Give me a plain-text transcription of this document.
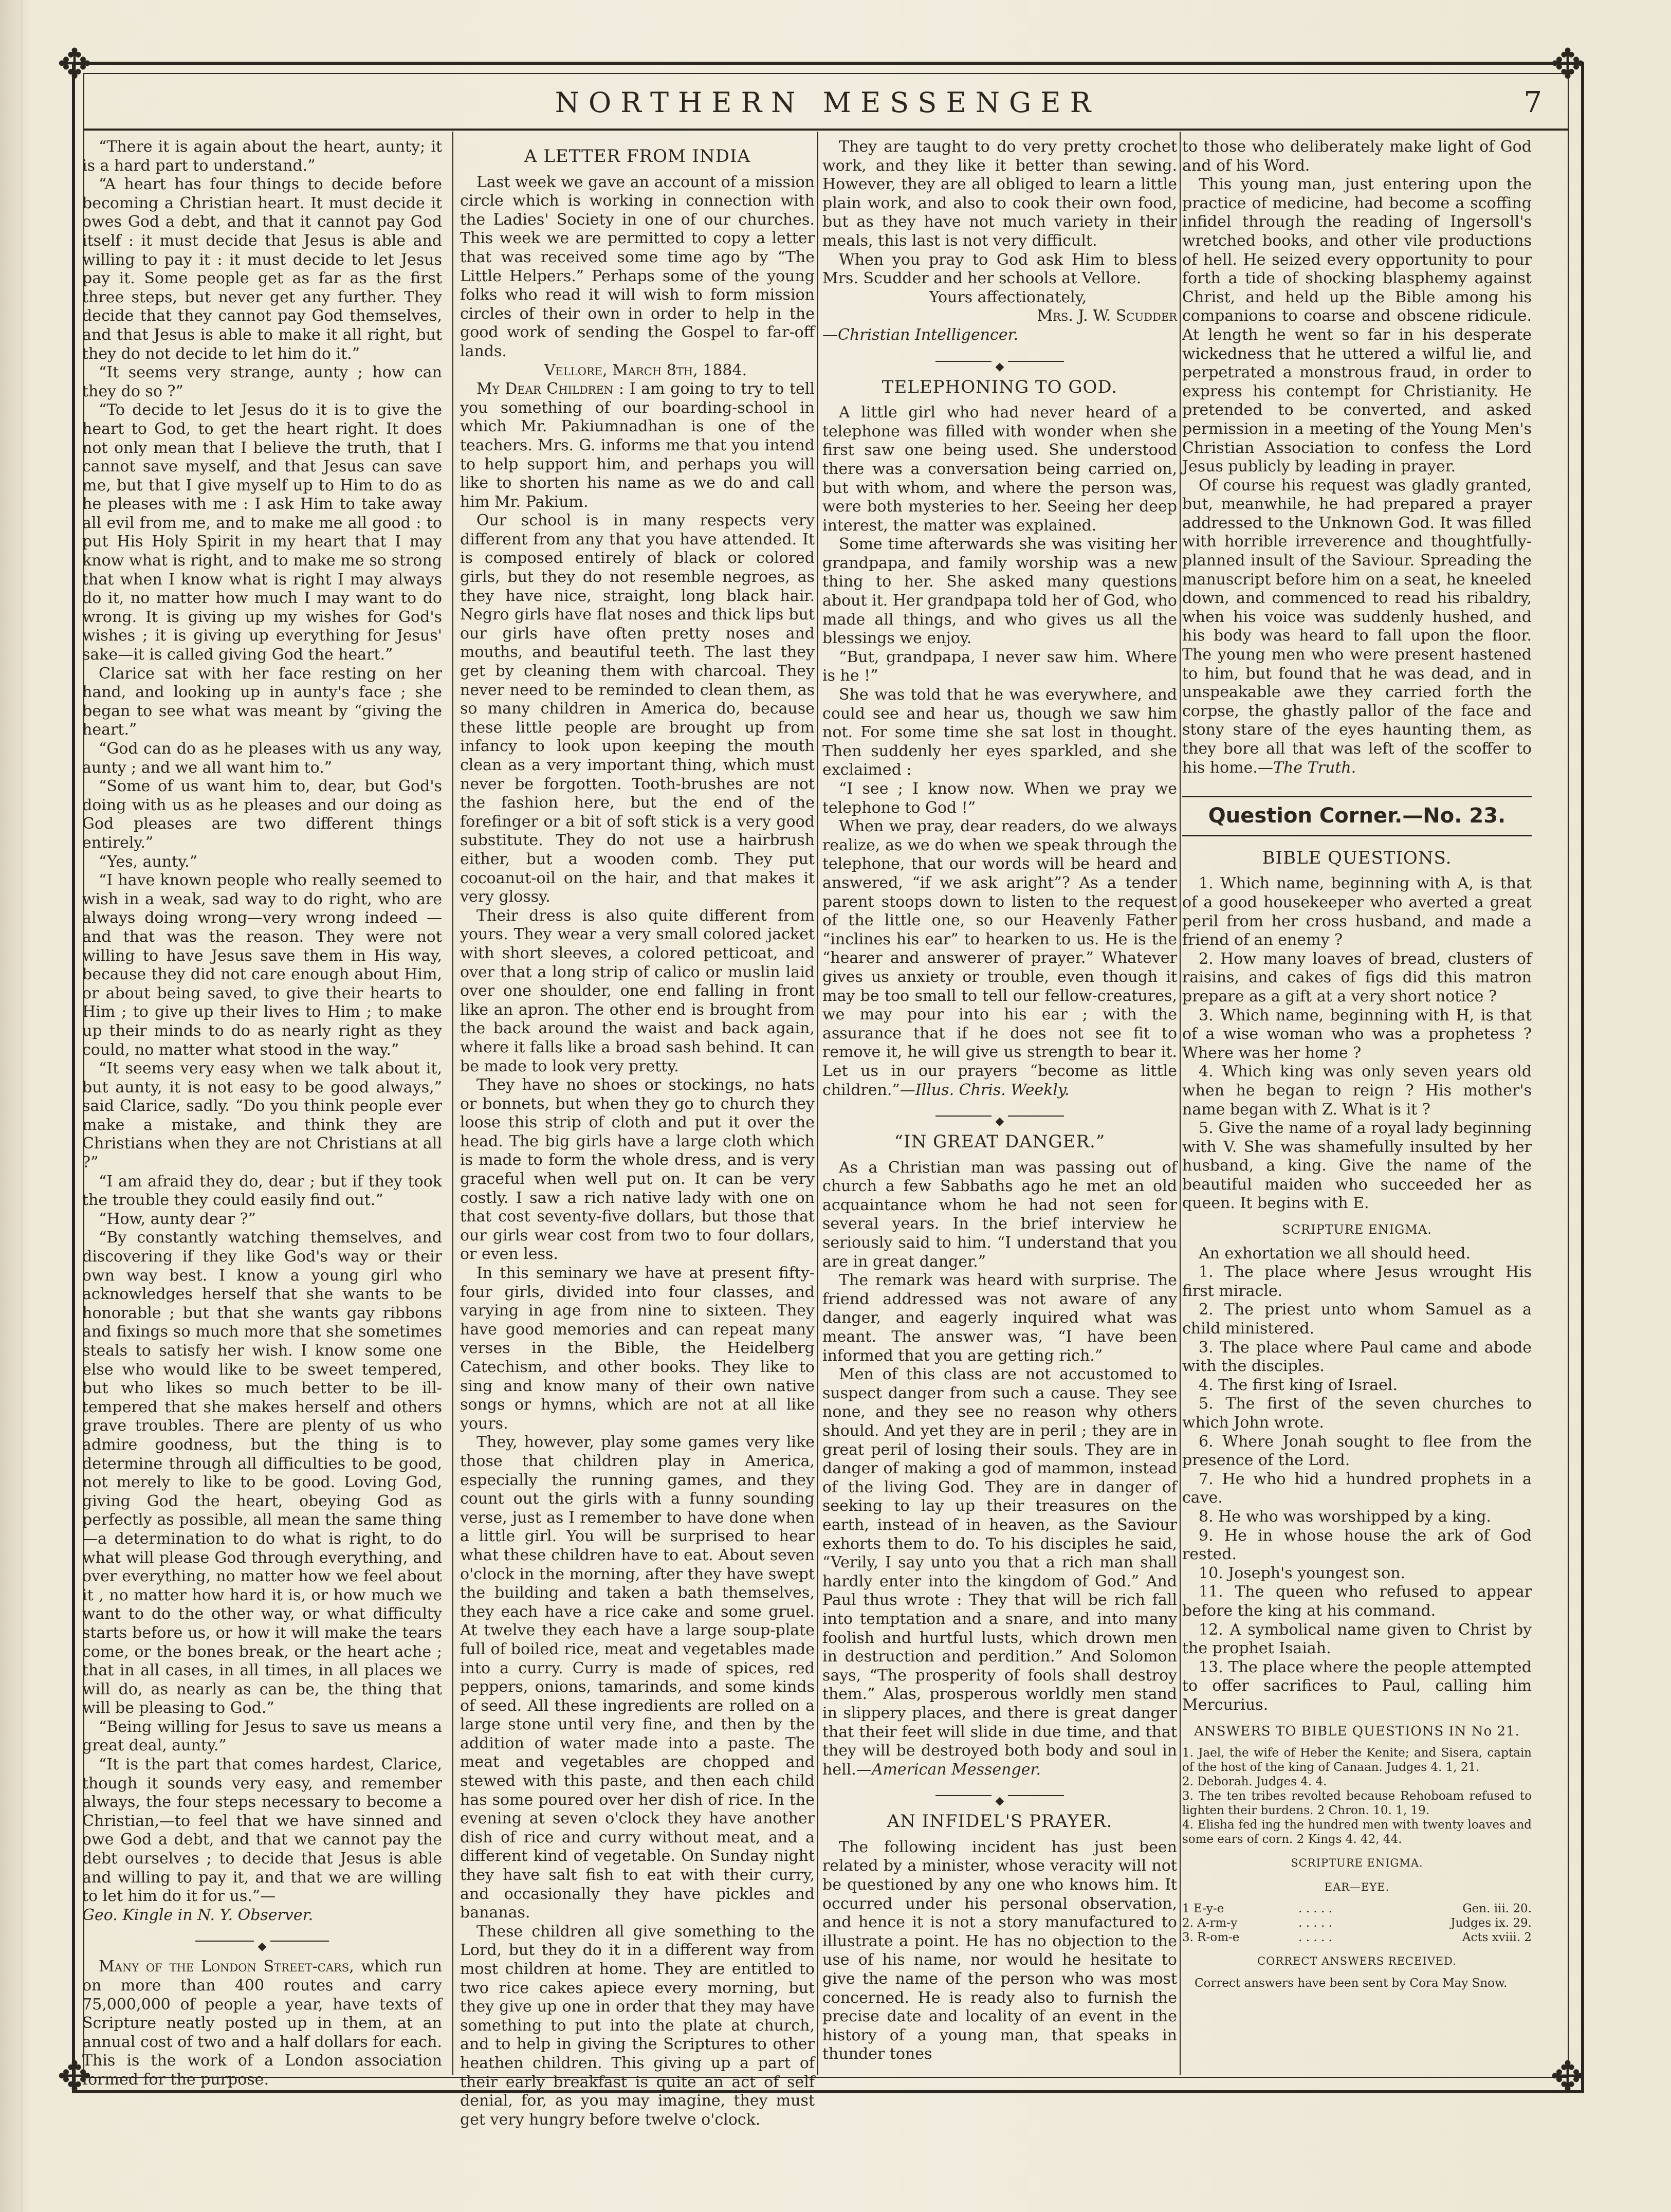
✥	✥
✥	✥
NORTHERN MESSENGER	7

“There it is again about the heart, aunty; it is a hard part to understand.”

“A heart has four things to decide before becoming a Christian heart. It must decide it owes God a debt, and that it cannot pay God itself : it must decide that Jesus is able and willing to pay it : it must decide to let Jesus pay it. Some people get as far as the first three steps, but never get any further. They decide that they cannot pay God themselves, and that Jesus is able to make it all right, but they do not decide to let him do it.”

“It seems very strange, aunty ; how can they do so ?”

“To decide to let Jesus do it is to give the heart to God, to get the heart right. It does not only mean that I believe the truth, that I cannot save myself, and that Jesus can save me, but that I give myself up to Him to do as he pleases with me : I ask Him to take away all evil from me, and to make me all good : to put His Holy Spirit in my heart that I may know what is right, and to make me so strong that when I know what is right I may always do it, no matter how much I may want to do wrong. It is giving up my wishes for God's wishes ; it is giving up everything for Jesus' sake—it is called giving God the heart.”

Clarice sat with her face resting on her hand, and looking up in aunty's face ; she began to see what was meant by “giving the heart.”

“God can do as he pleases with us any way, aunty ; and we all want him to.”

“Some of us want him to, dear, but God's doing with us as he pleases and our doing as God pleases are two different things entirely.”

“Yes, aunty.”

“I have known people who really seemed to wish in a weak, sad way to do right, who are always doing wrong—very wrong indeed —and that was the reason. They were not willing to have Jesus save them in His way, because they did not care enough about Him, or about being saved, to give their hearts to Him ; to give up their lives to Him ; to make up their minds to do as nearly right as they could, no matter what stood in the way.”

“It seems very easy when we talk about it, but aunty, it is not easy to be good always,” said Clarice, sadly. “Do you think people ever make a mistake, and think they are Christians when they are not Christians at all ?”

“I am afraid they do, dear ; but if they took the trouble they could easily find out.”

“How, aunty dear ?”

“By constantly watching themselves, and discovering if they like God's way or their own way best. I know a young girl who acknowledges herself that she wants to be honorable ; but that she wants gay ribbons and fixings so much more that she sometimes steals to satisfy her wish. I know some one else who would like to be sweet tempered, but who likes so much better to be ill-tempered that she makes herself and others grave troubles. There are plenty of us who admire goodness, but the thing is to determine through all difficulties to be good, not merely to like to be good. Loving God, giving God the heart, obeying God as perfectly as possible, all mean the same thing—a determination to do what is right, to do what will please God through everything, and over everything, no matter how we feel about it , no matter how hard it is, or how much we want to do the other way, or what difficulty starts before us, or how it will make the tears come, or the bones break, or the heart ache ; that in all cases, in all times, in all places we will do, as nearly as can be, the thing that will be pleasing to God.”

“Being willing for Jesus to save us means a great deal, aunty.”

“It is the part that comes hardest, Clarice, though it sounds very easy, and remember always, the four steps necessary to become a Christian,—to feel that we have sinned and owe God a debt, and that we cannot pay the debt ourselves ; to decide that Jesus is able and willing to pay it, and that we are willing to let him do it for us.”—

Geo. Kingle in N. Y. Observer.

◆

Many of the London Street-cars, which run on more than 400 routes and carry 75,000,000 of people a year, have texts of Scripture neatly posted up in them, at an annual cost of two and a half dollars for each. This is the work of a London association formed for the purpose.

A LETTER FROM INDIA

Last week we gave an account of a mission circle which is working in connection with the Ladies' Society in one of our churches. This week we are permitted to copy a letter that was received some time ago by “The Little Helpers.” Perhaps some of the young folks who read it will wish to form mission circles of their own in order to help in the good work of sending the Gospel to far-off lands.

Vellore, March 8th, 1884.

My Dear Children : I am going to try to tell you something of our boarding-school in which Mr. Pakiumnadhan is one of the teachers. Mrs. G. informs me that you intend to help support him, and perhaps you will like to shorten his name as we do and call him Mr. Pakium.

Our school is in many respects very different from any that you have attended. It is composed entirely of black or colored girls, but they do not resemble negroes, as they have nice, straight, long black hair. Negro girls have flat noses and thick lips but our girls have often pretty noses and mouths, and beautiful teeth. The last they get by cleaning them with charcoal. They never need to be reminded to clean them, as so many children in America do, because these little people are brought up from infancy to look upon keeping the mouth clean as a very important thing, which must never be forgotten. Tooth-brushes are not the fashion here, but the end of the forefinger or a bit of soft stick is a very good substitute. They do not use a hairbrush either, but a wooden comb. They put cocoanut-oil on the hair, and that makes it very glossy.

Their dress is also quite different from yours. They wear a very small colored jacket with short sleeves, a colored petticoat, and over that a long strip of calico or muslin laid over one shoulder, one end falling in front like an apron. The other end is brought from the back around the waist and back again, where it falls like a broad sash behind. It can be made to look very pretty.

They have no shoes or stockings, no hats or bonnets, but when they go to church they loose this strip of cloth and put it over the head. The big girls have a large cloth which is made to form the whole dress, and is very graceful when well put on. It can be very costly. I saw a rich native lady with one on that cost seventy-five dollars, but those that our girls wear cost from two to four dollars, or even less.

In this seminary we have at present fifty-four girls, divided into four classes, and varying in age from nine to sixteen. They have good memories and can repeat many verses in the Bible, the Heidelberg Catechism, and other books. They like to sing and know many of their own native songs or hymns, which are not at all like yours.

They, however, play some games very like those that children play in America, especially the running games, and they count out the girls with a funny sounding verse, just as I remember to have done when a little girl. You will be surprised to hear what these children have to eat. About seven o'clock in the morning, after they have swept the building and taken a bath themselves, they each have a rice cake and some gruel. At twelve they each have a large soup-plate full of boiled rice, meat and vegetables made into a curry. Curry is made of spices, red peppers, onions, tamarinds, and some kinds of seed. All these ingredients are rolled on a large stone until very fine, and then by the addition of water made into a paste. The meat and vegetables are chopped and stewed with this paste, and then each child has some poured over her dish of rice. In the evening at seven o'clock they have another dish of rice and curry without meat, and a different kind of vegetable. On Sunday night they have salt fish to eat with their curry, and occasionally they have pickles and bananas.

These children all give something to the Lord, but they do it in a different way from most children at home. They are entitled to two rice cakes apiece every morning, but they give up one in order that they may have something to put into the plate at church, and to help in giving the Scriptures to other heathen children. This giving up a part of their early breakfast is quite an act of self denial, for, as you may imagine, they must get very hungry before twelve o'clock.

They are taught to do very pretty crochet work, and they like it better than sewing. However, they are all obliged to learn a little plain work, and also to cook their own food, but as they have not much variety in their meals, this last is not very difficult.

When you pray to God ask Him to bless Mrs. Scudder and her schools at Vellore.

Yours affectionately,

Mrs. J. W. Scudder

—Christian Intelligencer.

◆
TELEPHONING TO GOD.

A little girl who had never heard of a telephone was filled with wonder when she first saw one being used. She understood there was a conversation being carried on, but with whom, and where the person was, were both mysteries to her. Seeing her deep interest, the matter was explained.

Some time afterwards she was visiting her grandpapa, and family worship was a new thing to her. She asked many questions about it. Her grandpapa told her of God, who made all things, and who gives us all the blessings we enjoy.

“But, grandpapa, I never saw him. Where is he !”

She was told that he was everywhere, and could see and hear us, though we saw him not. For some time she sat lost in thought. Then suddenly her eyes sparkled, and she exclaimed :

“I see ; I know now. When we pray we telephone to God !”

When we pray, dear readers, do we always realize, as we do when we speak through the telephone, that our words will be heard and answered, “if we ask aright”? As a tender parent stoops down to listen to the request of the little one, so our Heavenly Father “inclines his ear” to hearken to us. He is the “hearer and answerer of prayer.” Whatever gives us anxiety or trouble, even though it may be too small to tell our fellow-creatures, we may pour into his ear ; with the assurance that if he does not see fit to remove it, he will give us strength to bear it. Let us in our prayers “become as little children.”—Illus. Chris. Weekly.

◆
“IN GREAT DANGER.”

As a Christian man was passing out of church a few Sabbaths ago he met an old acquaintance whom he had not seen for several years. In the brief interview he seriously said to him. “I understand that you are in great danger.”

The remark was heard with surprise. The friend addressed was not aware of any danger, and eagerly inquired what was meant. The answer was, “I have been informed that you are getting rich.”

Men of this class are not accustomed to suspect danger from such a cause. They see none, and they see no reason why others should. And yet they are in peril ; they are in great peril of losing their souls. They are in danger of making a god of mammon, instead of the living God. They are in danger of seeking to lay up their treasures on the earth, instead of in heaven, as the Saviour exhorts them to do. To his disciples he said, “Verily, I say unto you that a rich man shall hardly enter into the kingdom of God.” And Paul thus wrote : They that will be rich fall into temptation and a snare, and into many foolish and hurtful lusts, which drown men in destruction and perdition.” And Solomon says, “The prosperity of fools shall destroy them.” Alas, prosperous worldly men stand in slippery places, and there is great danger that their feet will slide in due time, and that they will be destroyed both body and soul in hell.—American Messenger.

◆
AN INFIDEL'S PRAYER.

The following incident has just been related by a minister, whose veracity will not be questioned by any one who knows him. It occurred under his personal observation, and hence it is not a story manufactured to illustrate a point. He has no objection to the use of his name, nor would he hesitate to give the name of the person who was most concerned. He is ready also to furnish the precise date and locality of an event in the history of a young man, that speaks in thunder tones

to those who deliberately make light of God and of his Word.

This young man, just entering upon the practice of medicine, had become a scoffing infidel through the reading of Ingersoll's wretched books, and other vile productions of hell. He seized every opportunity to pour forth a tide of shocking blasphemy against Christ, and held up the Bible among his companions to coarse and obscene ridicule. At length he went so far in his desperate wickedness that he uttered a wilful lie, and perpetrated a monstrous fraud, in order to express his contempt for Christianity. He pretended to be converted, and asked permission in a meeting of the Young Men's Christian Association to confess the Lord Jesus publicly by leading in prayer.

Of course his request was gladly granted, but, meanwhile, he had prepared a prayer addressed to the Unknown God. It was filled with horrible irreverence and thoughtfully-planned insult of the Saviour. Spreading the manuscript before him on a seat, he kneeled down, and commenced to read his ribaldry, when his voice was suddenly hushed, and his body was heard to fall upon the floor. The young men who were present hastened to him, but found that he was dead, and in unspeakable awe they carried forth the corpse, the ghastly pallor of the face and stony stare of the eyes haunting them, as they bore all that was left of the scoffer to his home.—The Truth.

Question Corner.—No. 23.
BIBLE QUESTIONS.

1. Which name, beginning with A, is that of a good housekeeper who averted a great peril from her cross husband, and made a friend of an enemy ?

2. How many loaves of bread, clusters of raisins, and cakes of figs did this matron prepare as a gift at a very short notice ?

3. Which name, beginning with H, is that of a wise woman who was a prophetess ? Where was her home ?

4. Which king was only seven years old when he began to reign ? His mother's name began with Z. What is it ?

5. Give the name of a royal lady beginning with V. She was shamefully insulted by her husband, a king. Give the name of the beautiful maiden who succeeded her as queen. It begins with E.

SCRIPTURE ENIGMA.

An exhortation we all should heed.

1. The place where Jesus wrought His first miracle.

2. The priest unto whom Samuel as a child ministered.

3. The place where Paul came and abode with the disciples.

4. The first king of Israel.

5. The first of the seven churches to which John wrote.

6. Where Jonah sought to flee from the presence of the Lord.

7. He who hid a hundred prophets in a cave.

8. He who was worshipped by a king.

9. He in whose house the ark of God rested.

10. Joseph's youngest son.

11. The queen who refused to appear before the king at his command.

12. A symbolical name given to Christ by the prophet Isaiah.

13. The place where the people attempted to offer sacrifices to Paul, calling him Mercurius.

ANSWERS TO BIBLE QUESTIONS IN No 21.

1. Jael, the wife of Heber the Kenite; and Sisera, captain of the host of the king of Canaan. Judges 4. 1, 21.

2. Deborah. Judges 4. 4.

3. The ten tribes revolted because Rehoboam refused to lighten their burdens. 2 Chron. 10. 1, 19.

4. Elisha fed ing the hundred men with twenty loaves and some ears of corn. 2 Kings 4. 42, 44.

SCRIPTURE ENIGMA.
EAR—EYE.
1 E-y-e	. . . . .	Gen. iii. 20.
2. A-rm-y	. . . . .	Judges ix. 29.
3. R-om-e	. . . . .	Acts xviii. 2
CORRECT ANSWERS RECEIVED.

Correct answers have been sent by Cora May Snow.
